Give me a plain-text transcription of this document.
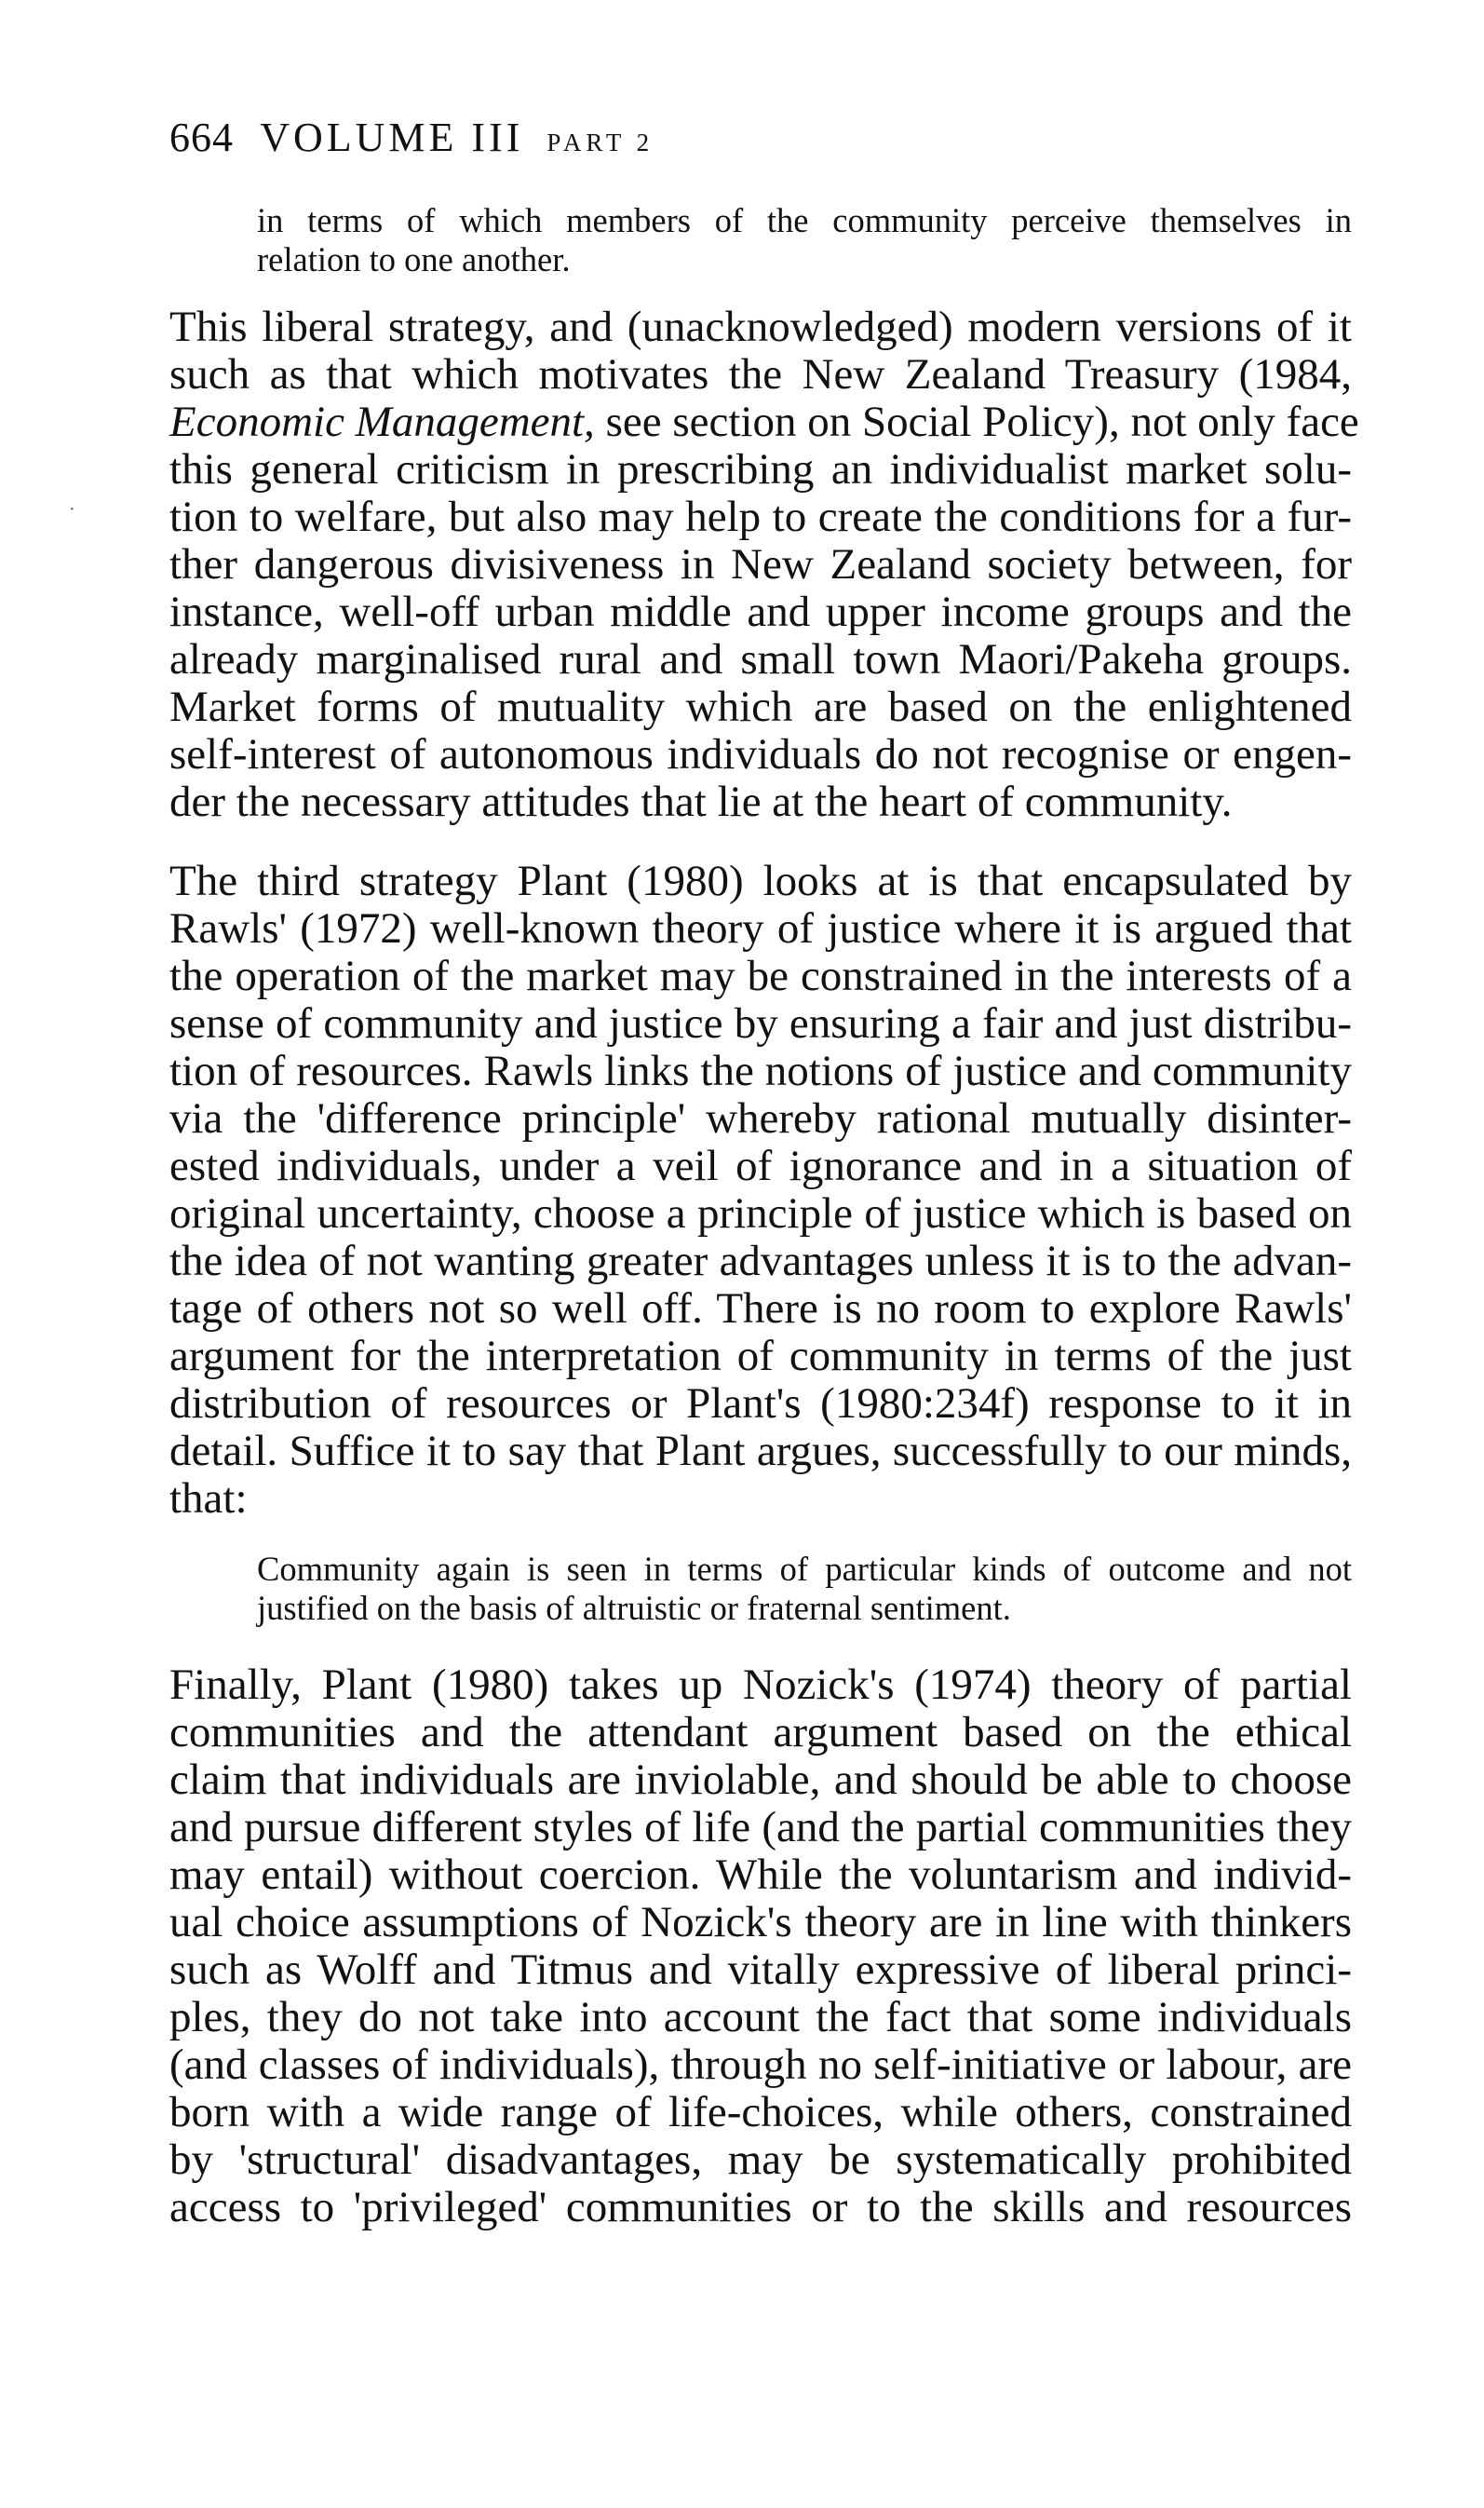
664 VOLUME III PART 2
·
in terms of which members of the community perceive themselves in
relation to one another.
This liberal strategy, and (unacknowledged) modern versions of it
such as that which motivates the New Zealand Treasury (1984,
Economic Management, see section on Social Policy), not only face
this general criticism in prescribing an individualist market solu-
tion to welfare, but also may help to create the conditions for a fur-
ther dangerous divisiveness in New Zealand society between, for
instance, well-off urban middle and upper income groups and the
already marginalised rural and small town Maori/Pakeha groups.
Market forms of mutuality which are based on the enlightened
self-interest of autonomous individuals do not recognise or engen-
der the necessary attitudes that lie at the heart of community.
The third strategy Plant (1980) looks at is that encapsulated by
Rawls' (1972) well-known theory of justice where it is argued that
the operation of the market may be constrained in the interests of a
sense of community and justice by ensuring a fair and just distribu-
tion of resources. Rawls links the notions of justice and community
via the 'difference principle' whereby rational mutually disinter-
ested individuals, under a veil of ignorance and in a situation of
original uncertainty, choose a principle of justice which is based on
the idea of not wanting greater advantages unless it is to the advan-
tage of others not so well off. There is no room to explore Rawls'
argument for the interpretation of community in terms of the just
distribution of resources or Plant's (1980:234f) response to it in
detail. Suffice it to say that Plant argues, successfully to our minds,
that:
Community again is seen in terms of particular kinds of outcome and not
justified on the basis of altruistic or fraternal sentiment.
Finally, Plant (1980) takes up Nozick's (1974) theory of partial
communities and the attendant argument based on the ethical
claim that individuals are inviolable, and should be able to choose
and pursue different styles of life (and the partial communities they
may entail) without coercion. While the voluntarism and individ-
ual choice assumptions of Nozick's theory are in line with thinkers
such as Wolff and Titmus and vitally expressive of liberal princi-
ples, they do not take into account the fact that some individuals
(and classes of individuals), through no self-initiative or labour, are
born with a wide range of life-choices, while others, constrained
by 'structural' disadvantages, may be systematically prohibited
access to 'privileged' communities or to the skills and resources
